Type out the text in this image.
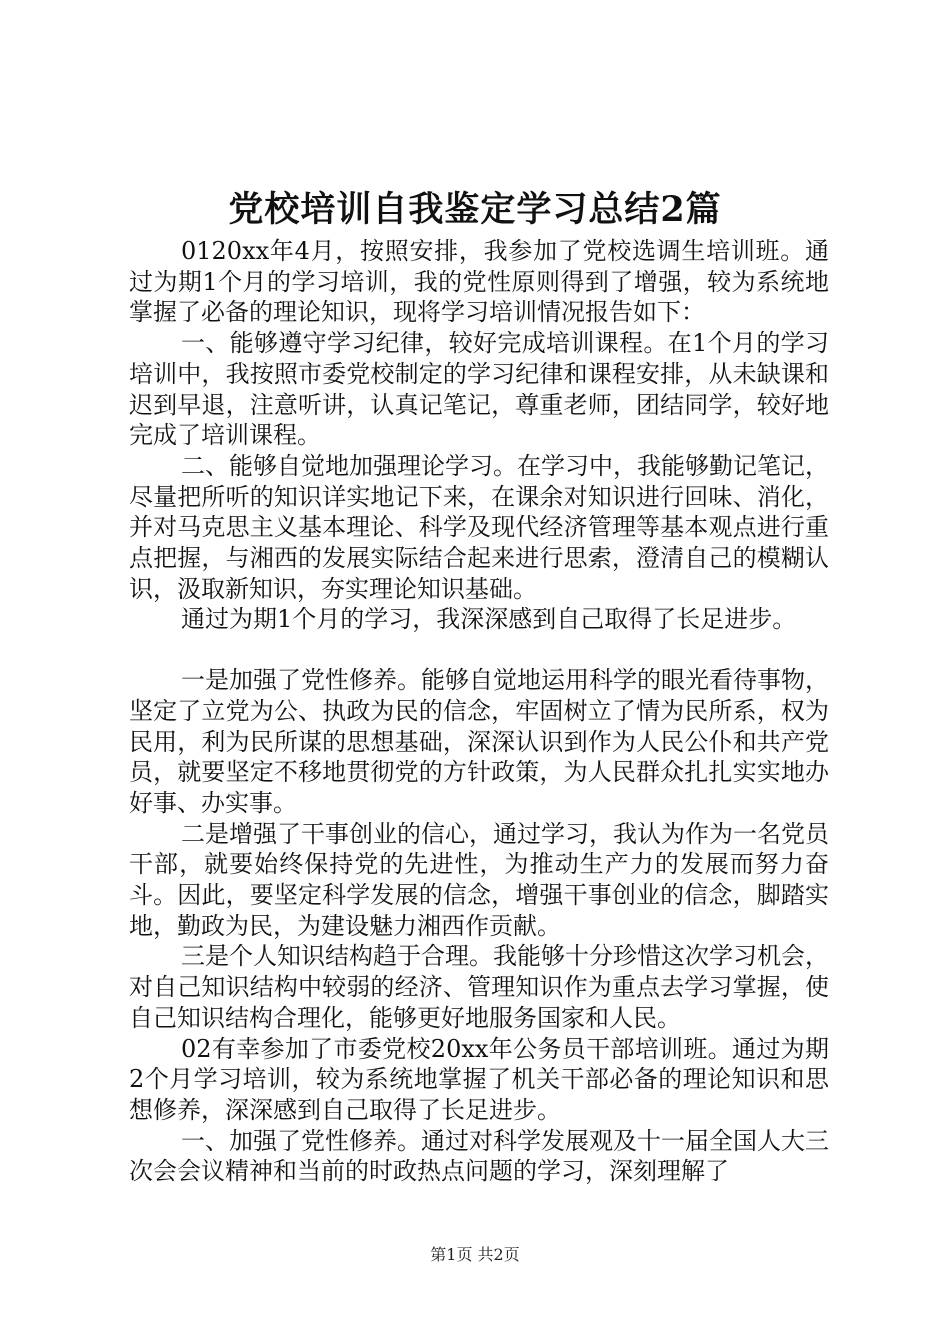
党校培训自我鉴定学习总结2篇

0120xx年4月，按照安排，我参加了党校选调生培训班。通过为期1个月的学习培训，我的党性原则得到了增强，较为系统地掌握了必备的理论知识，现将学习培训情况报告如下：

一、能够遵守学习纪律，较好完成培训课程。在1个月的学习培训中，我按照市委党校制定的学习纪律和课程安排，从未缺课和迟到早退，注意听讲，认真记笔记，尊重老师，团结同学，较好地完成了培训课程。

二、能够自觉地加强理论学习。在学习中，我能够勤记笔记，尽量把所听的知识详实地记下来，在课余对知识进行回味、消化，并对马克思主义基本理论、科学及现代经济管理等基本观点进行重点把握，与湘西的发展实际结合起来进行思索，澄清自己的模糊认识，汲取新知识，夯实理论知识基础。

通过为期1个月的学习，我深深感到自己取得了长足进步。

一是加强了党性修养。能够自觉地运用科学的眼光看待事物，坚定了立党为公、执政为民的信念，牢固树立了情为民所系，权为民用，利为民所谋的思想基础，深深认识到作为人民公仆和共产党员，就要坚定不移地贯彻党的方针政策，为人民群众扎扎实实地办好事、办实事。

二是增强了干事创业的信心，通过学习，我认为作为一名党员干部，就要始终保持党的先进性，为推动生产力的发展而努力奋斗。因此，要坚定科学发展的信念，增强干事创业的信念，脚踏实地，勤政为民，为建设魅力湘西作贡献。

三是个人知识结构趋于合理。我能够十分珍惜这次学习机会，对自己知识结构中较弱的经济、管理知识作为重点去学习掌握，使自己知识结构合理化，能够更好地服务国家和人民。

02有幸参加了市委党校20xx年公务员干部培训班。通过为期2个月学习培训，较为系统地掌握了机关干部必备的理论知识和思想修养，深深感到自己取得了长足进步。

一、加强了党性修养。通过对科学发展观及十一届全国人大三次会会议精神和当前的时政热点问题的学习，深刻理解了

第1页 共2页
